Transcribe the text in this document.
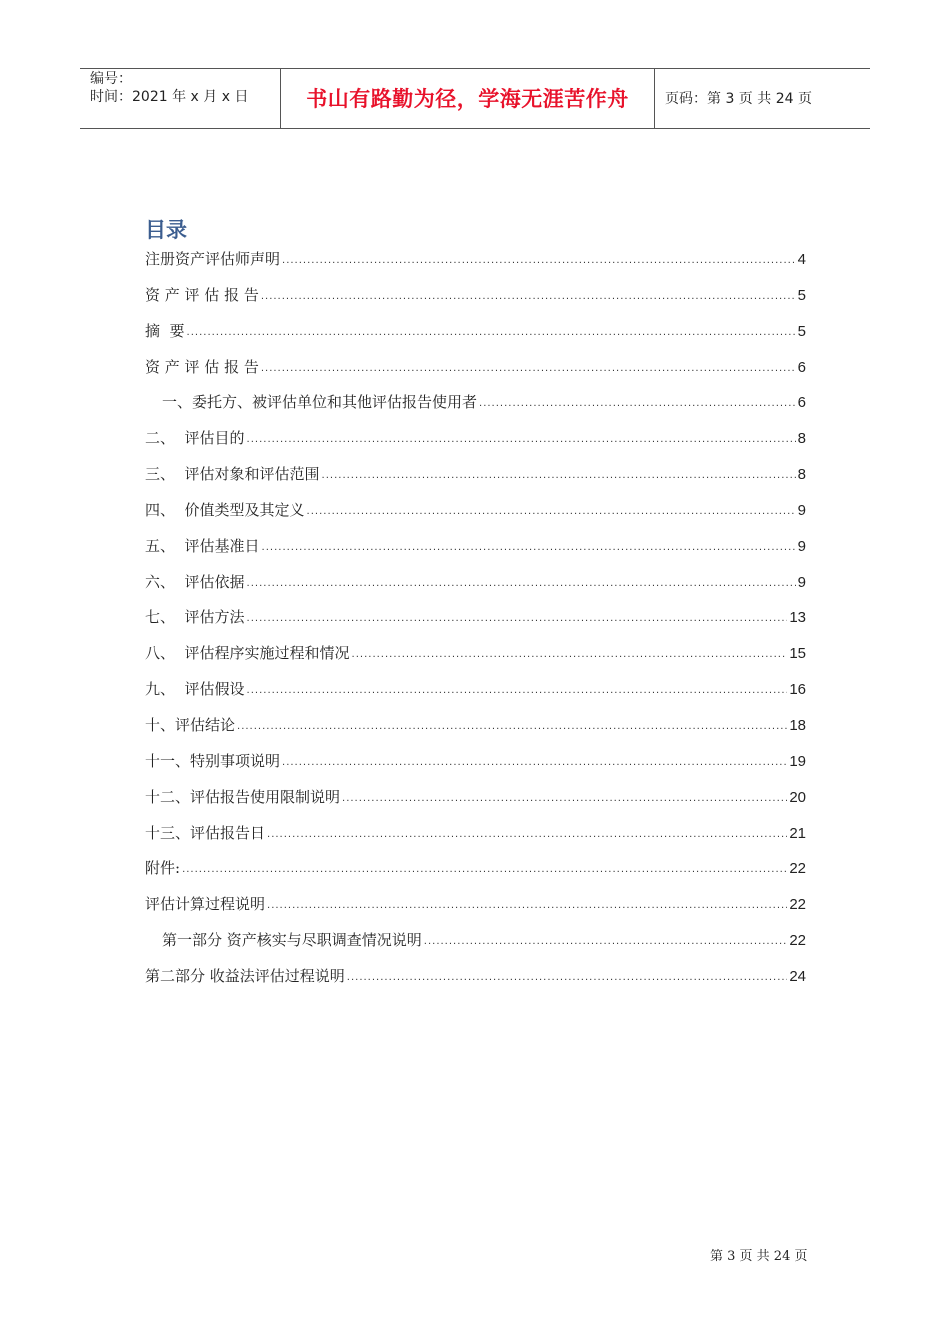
编号：
时间：2021 年 x 月 x 日	书山有路勤为径，学海无涯苦作舟	页码：第 3 页 共 24 页
目录
注册资产评估师声明 .....	4
资 产 评 估 报 告 .....	5
摘  要 .....	5
资 产 评 估 报 告 .....	6
一、委托方、被评估单位和其他评估报告使用者 .....	6
二、  评估目的 .....	8
三、  评估对象和评估范围 .....	8
四、  价值类型及其定义 .....	9
五、  评估基准日 .....	9
六、  评估依据 .....	9
七、  评估方法 .....	13
八、  评估程序实施过程和情况 .....	15
九、  评估假设 .....	16
十、评估结论 .....	18
十一、特别事项说明 .....	19
十二、评估报告使用限制说明 .....	20
十三、评估报告日 .....	21
附件: .....	22
评估计算过程说明 .....	22
第一部分 资产核实与尽职调查情况说明 .....	22
第二部分 收益法评估过程说明 .....	24
第 3 页 共 24 页
